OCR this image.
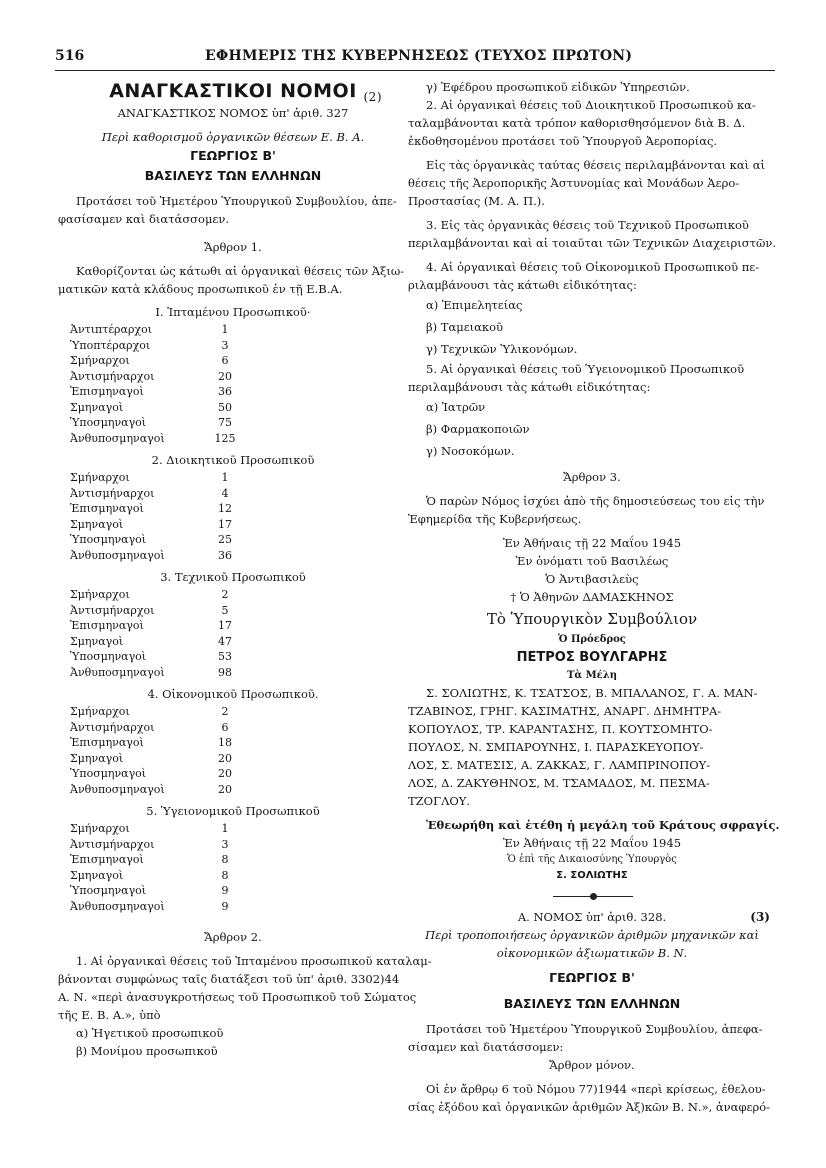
516	ΕΦΗΜΕΡΙΣ ΤΗΣ ΚΥΒΕΡΝΗΣΕΩΣ (ΤΕΥΧΟΣ ΠΡΩΤΟΝ)
ΑΝΑΓΚΑΣΤΙΚΟΙ ΝΟΜΟΙ (2)
ΑΝΑΓΚΑΣΤΙΚΟΣ ΝΟΜΟΣ ὑπ' ἀριθ. 327
Περὶ καθορισμοῦ ὀργανικῶν θέσεων Ε. Β. Α.
ΓΕΩΡΓΙΟΣ Β'
ΒΑΣΙΛΕΥΣ ΤΩΝ ΕΛΛΗΝΩΝ
Προτάσει τοῦ Ἡμετέρου Ὑπουργικοῦ Συμβουλίου, ἀπε-
φασίσαμεν καὶ διατάσσομεν.
Ἄρθρον 1.
Καθορίζονται ὡς κάτωθι αἱ ὀργανικαὶ θέσεις τῶν Ἀξιω-
ματικῶν κατὰ κλάδους προσωπικοῦ ἐν τῇ Ε.Β.Α.
Ι. Ἱπταμένου Προσωπικοῦ·
Ἀντιπτέραρχοι	1
Ὑποπτέραρχοι	3
Σμήναρχοι	6
Ἀντισμήναρχοι	20
Ἐπισμηναγοὶ	36
Σμηναγοὶ	50
Ὑποσμηναγοὶ	75
Ἀνθυποσμηναγοὶ	125
2. Διοικητικοῦ Προσωπικοῦ
Σμήναρχοι	1
Ἀντισμήναρχοι	4
Ἐπισμηναγοὶ	12
Σμηναγοὶ	17
Ὑποσμηναγοὶ	25
Ἀνθυποσμηναγοὶ	36
3. Τεχνικοῦ Προσωπικοῦ
Σμήναρχοι	2
Ἀντισμήναρχοι	5
Ἐπισμηναγοὶ	17
Σμηναγοὶ	47
Ὑποσμηναγοὶ	53
Ἀνθυποσμηναγοὶ	98
4. Οἰκονομικοῦ Προσωπικοῦ.
Σμήναρχοι	2
Ἀντισμήναρχοι	6
Ἐπισμηναγοὶ	18
Σμηναγοὶ	20
Ὑποσμηναγοὶ	20
Ἀνθυποσμηναγοὶ	20
5. Ὑγειονομικοῦ Προσωπικοῦ
Σμήναρχοι	1
Ἀντισμήναρχοι	3
Ἐπισμηναγοὶ	8
Σμηναγοὶ	8
Ὑποσμηναγοὶ	9
Ἀνθυποσμηναγοὶ	9
Ἄρθρον 2.
1. Αἱ ὀργανικαὶ θέσεις τοῦ Ἱπταμένου προσωπικοῦ καταλαμ-
βάνονται συμφώνως ταῖς διατάξεσι τοῦ ὑπ' ἀριθ. 3302)44
Α. Ν. «περὶ ἀνασυγκροτήσεως τοῦ Προσωπικοῦ τοῦ Σώματος
τῆς Ε. Β. Α.», ὑπὸ
α) Ἡγετικοῦ προσωπικοῦ
β) Μονίμου προσωπικοῦ
γ) Ἐφέδρου προσωπικοῦ εἰδικῶν Ὑπηρεσιῶν.
2. Αἱ ὀργανικαὶ θέσεις τοῦ Διοικητικοῦ Προσωπικοῦ κα-
ταλαμβάνονται κατὰ τρόπον καθορισθησόμενον διὰ Β. Δ.
ἐκδοθησομένου προτάσει τοῦ Ὑπουργοῦ Ἀεροπορίας.
Εἰς τὰς ὀργανικὰς ταύτας θέσεις περιλαμβάνονται καὶ αἱ
θέσεις τῆς Ἀεροπορικῆς Ἀστυνομίας καὶ Μονάδων Ἀερο-
Προστασίας (Μ. Α. Π.).
3. Εἰς τὰς ὀργανικὰς θέσεις τοῦ Τεχνικοῦ Προσωπικοῦ
περιλαμβάνονται καὶ αἱ τοιαῦται τῶν Τεχνικῶν Διαχειριστῶν.
4. Αἱ ὀργανικαὶ θέσεις τοῦ Οἰκονομικοῦ Προσωπικοῦ πε-
ριλαμβάνουσι τὰς κάτωθι εἰδικότητας:
α) Ἐπιμελητείας
β) Ταμειακοῦ
γ) Τεχνικῶν Ὑλικονόμων.
5. Αἱ ὀργανικαὶ θέσεις τοῦ Ὑγειονομικοῦ Προσωπικοῦ
περιλαμβάνουσι τὰς κάτωθι εἰδικότητας:
α) Ἰατρῶν
β) Φαρμακοποιῶν
γ) Νοσοκόμων.
Ἄρθρον 3.
Ὁ παρὼν Νόμος ἰσχύει ἀπὸ τῆς δημοσιεύσεως του εἰς τὴν
Ἐφημερίδα τῆς Κυβερνήσεως.
Ἐν Ἀθήναις τῇ 22 Μαΐου 1945
Ἐν ὀνόματι τοῦ Βασιλέως
Ὁ Ἀντιβασιλεὺς
† Ὁ Ἀθηνῶν ΔΑΜΑΣΚΗΝΟΣ
Τὸ Ὑπουργικὸν Συμβούλιον
Ὁ Πρόεδρος
ΠΕΤΡΟΣ ΒΟΥΛΓΑΡΗΣ
Τὰ Μέλη
Σ. ΣΟΛΙΩΤΗΣ, Κ. ΤΣΑΤΣΟΣ, Β. ΜΠΑΛΑΝΟΣ, Γ. Α. ΜΑΝ-
ΤΖΑΒΙΝΟΣ, ΓΡΗΓ. ΚΑΣΙΜΑΤΗΣ, ΑΝΑΡΓ. ΔΗΜΗΤΡΑ-
ΚΟΠΟΥΛΟΣ, ΤΡ. ΚΑΡΑΝΤΑΣΗΣ, Π. ΚΟΥΤΣΟΜΗΤΟ-
ΠΟΥΛΟΣ, Ν. ΣΜΠΑΡΟΥΝΗΣ, Ι. ΠΑΡΑΣΚΕΥΟΠΟΥ-
ΛΟΣ, Σ. ΜΑΤΕΣΙΣ, Α. ΖΑΚΚΑΣ, Γ. ΛΑΜΠΡΙΝΟΠΟΥ-
ΛΟΣ, Δ. ΖΑΚΥΘΗΝΟΣ, Μ. ΤΣΑΜΑΔΟΣ, Μ. ΠΕΣΜΑ-
ΤΖΟΓΛΟΥ.
Ἐθεωρήθη καὶ ἐτέθη ἡ μεγάλη τοῦ Κράτους σφραγίς.
Ἐν Ἀθήναις τῇ 22 Μαΐου 1945
Ὁ ἐπὶ τῆς Δικαιοσύνης Ὑπουργὸς
Σ. ΣΟΛΙΩΤΗΣ
Α. ΝΟΜΟΣ ὑπ' ἀριθ. 328.	(3)
Περὶ τροποποιήσεως ὀργανικῶν ἀριθμῶν μηχανικῶν καὶ
οἰκονομικῶν ἀξιωματικῶν Β. Ν.
ΓΕΩΡΓΙΟΣ Β'
ΒΑΣΙΛΕΥΣ ΤΩΝ ΕΛΛΗΝΩΝ
Προτάσει τοῦ Ἡμετέρου Ὑπουργικοῦ Συμβουλίου, ἀπεφα-
σίσαμεν καὶ διατάσσομεν:
Ἄρθρον μόνον.
Οἱ ἐν ἄρθρῳ 6 τοῦ Νόμου 77)1944 «περὶ κρίσεως, ἐθελου-
σίας ἐξόδου καὶ ὀργανικῶν ἀριθμῶν Ἀξ)κῶν Β. Ν.», ἀναφερό-
